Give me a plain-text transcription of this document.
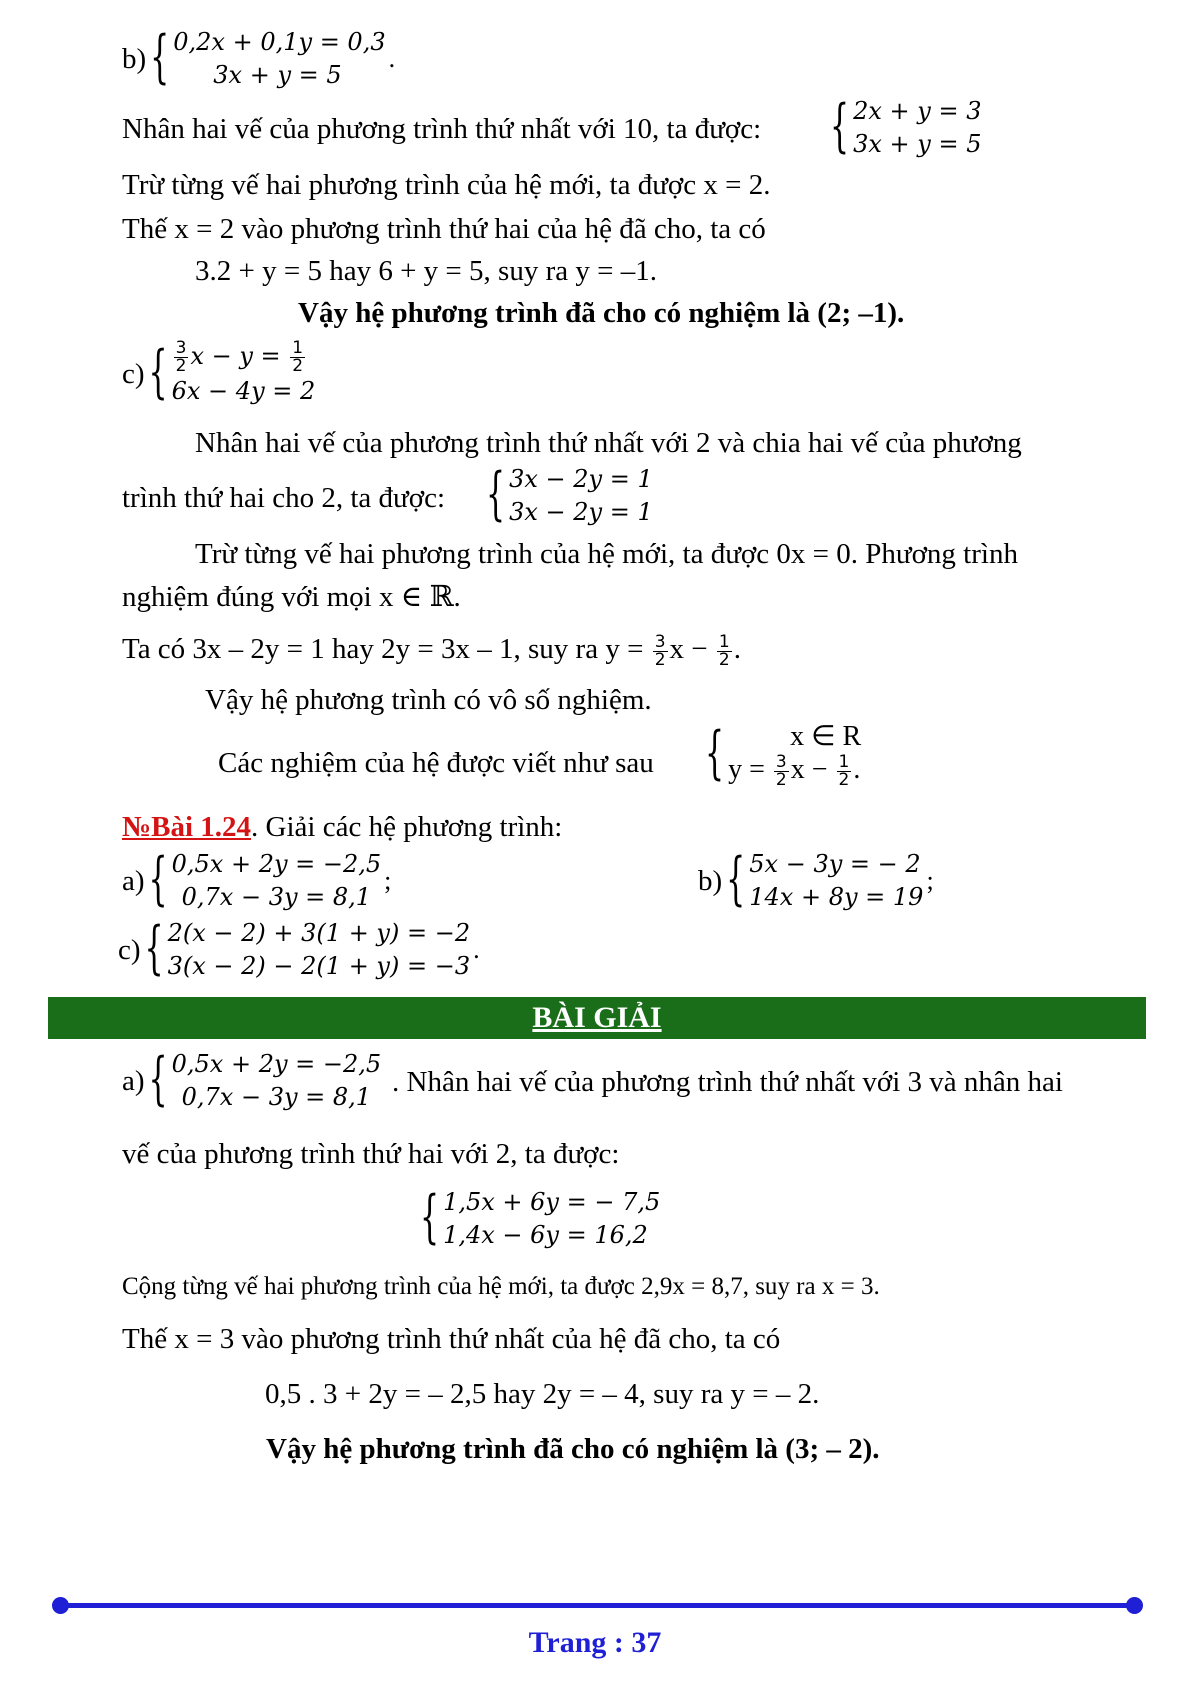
b) { 0,2x + 0,1y = 0,3
3x + y = 5
.
Nhân hai vế của phương trình thứ nhất với 10, ta được: { 2x + y = 3
3x + y = 5
Trừ từng vế hai phương trình của hệ mới, ta được x = 2.
Thế x = 2 vào phương trình thứ hai của hệ đã cho, ta có
3.2 + y = 5 hay 6 + y = 5, suy ra y = –1.
Vậy hệ phương trình đã cho có nghiệm là (2; –1).
c) { $\frac{3}{2}$ $x - y = \frac{1}{2}$
6x − 4y = 2
Nhân hai vế của phương trình thứ nhất với 2 và chia hai vế của phương
trình thứ hai cho 2, ta được: { 3x − 2y = 1
3x − 2y = 1
Trừ từng vế hai phương trình của hệ mới, ta được 0x = 0. Phương trình
nghiệm đúng với mọi x ∈ ℝ.
Ta có 3x – 2y = 1 hay 2y = 3x – 1, suy ra $y = \frac{3}{2}$ $x - \frac{1}{2}$ .
Vậy hệ phương trình có vô số nghiệm.
Các nghiệm của hệ được viết như sau {	x ∈ R
$y = \frac{3}{2}$ $x - \frac{1}{2}$ .
№Bài 1.24. Giải các hệ phương trình:
a) { 0,5x + 2y = −2,5
0,7x − 3y = 8,1
;	b) { 5x − 3y = − 2
14x + 8y = 19
;
c) { 2(x − 2) + 3(1 + y) = −2
3(x − 2) − 2(1 + y) = −3
.
BÀI GIẢI
a) { 0,5x + 2y = −2,5
0,7x − 3y = 8,1 . Nhân hai vế của phương trình thứ nhất với 3 và nhân hai
vế của phương trình thứ hai với 2, ta được:
{ 1,5x + 6y = − 7,5
1,4x − 6y = 16,2
Cộng từng vế hai phương trình của hệ mới, ta được 2,9x = 8,7, suy ra x = 3.
Thế x = 3 vào phương trình thứ nhất của hệ đã cho, ta có
0,5 . 3 + 2y = – 2,5 hay 2y = – 4, suy ra y = – 2.
Vậy hệ phương trình đã cho có nghiệm là (3; – 2).
Trang : 37
